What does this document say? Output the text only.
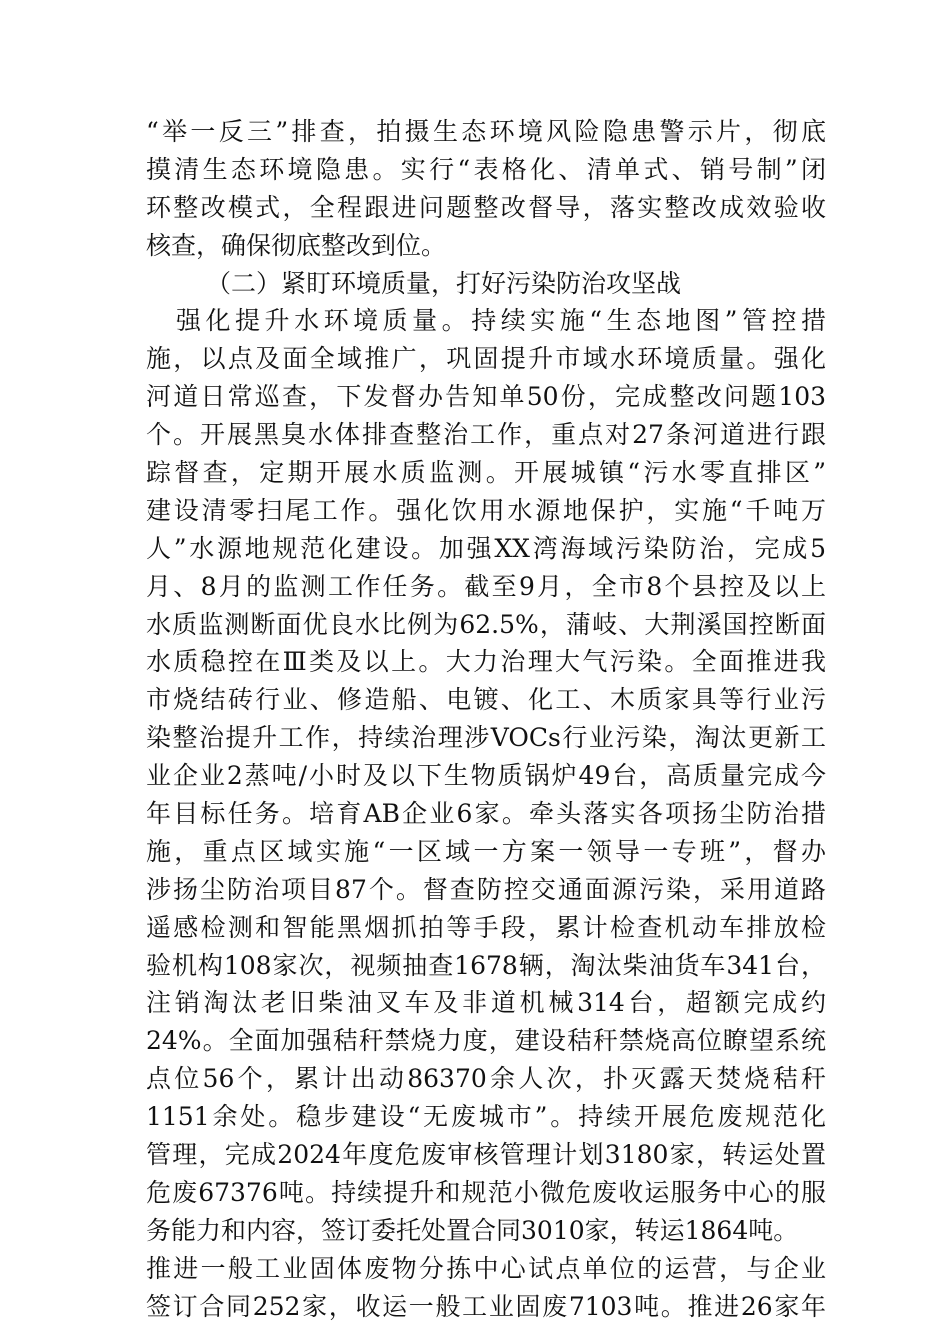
“举一反三”排查，拍摄生态环境风险隐患警示片，彻底
摸清生态环境隐患。实行“表格化、清单式、销号制”闭
环整改模式，全程跟进问题整改督导，落实整改成效验收
核查，确保彻底整改到位。
（二）紧盯环境质量，打好污染防治攻坚战
强化提升水环境质量。持续实施“生态地图”管控措
施，以点及面全域推广，巩固提升市域水环境质量。强化
河道日常巡查，下发督办告知单50份，完成整改问题103
个。开展黑臭水体排查整治工作，重点对27条河道进行跟
踪督查，定期开展水质监测。开展城镇“污水零直排区”
建设清零扫尾工作。强化饮用水源地保护，实施“千吨万
人”水源地规范化建设。加强XX湾海域污染防治，完成5
月、8月的监测工作任务。截至9月，全市8个县控及以上
水质监测断面优良水比例为62.5%，蒲岐、大荆溪国控断面
水质稳控在Ⅲ类及以上。大力治理大气污染。全面推进我
市烧结砖行业、修造船、电镀、化工、木质家具等行业污
染整治提升工作，持续治理涉VOCs行业污染，淘汰更新工
业企业2蒸吨/小时及以下生物质锅炉49台，高质量完成今
年目标任务。培育AB企业6家。牵头落实各项扬尘防治措
施，重点区域实施“一区域一方案一领导一专班”，督办
涉扬尘防治项目87个。督查防控交通面源污染，采用道路
遥感检测和智能黑烟抓拍等手段，累计检查机动车排放检
验机构108家次，视频抽查1678辆，淘汰柴油货车341台，
注销淘汰老旧柴油叉车及非道机械314台，超额完成约
24%。全面加强秸秆禁烧力度，建设秸秆禁烧高位瞭望系统
点位56个，累计出动86370余人次，扑灭露天焚烧秸秆
1151余处。稳步建设“无废城市”。持续开展危废规范化
管理，完成2024年度危废审核管理计划3180家，转运处置
危废67376吨。持续提升和规范小微危废收运服务中心的服
务能力和内容，签订委托处置合同3010家，转运1864吨。
推进一般工业固体废物分拣中心试点单位的运营，与企业
签订合同252家，收运一般工业固废7103吨。推进26家年
